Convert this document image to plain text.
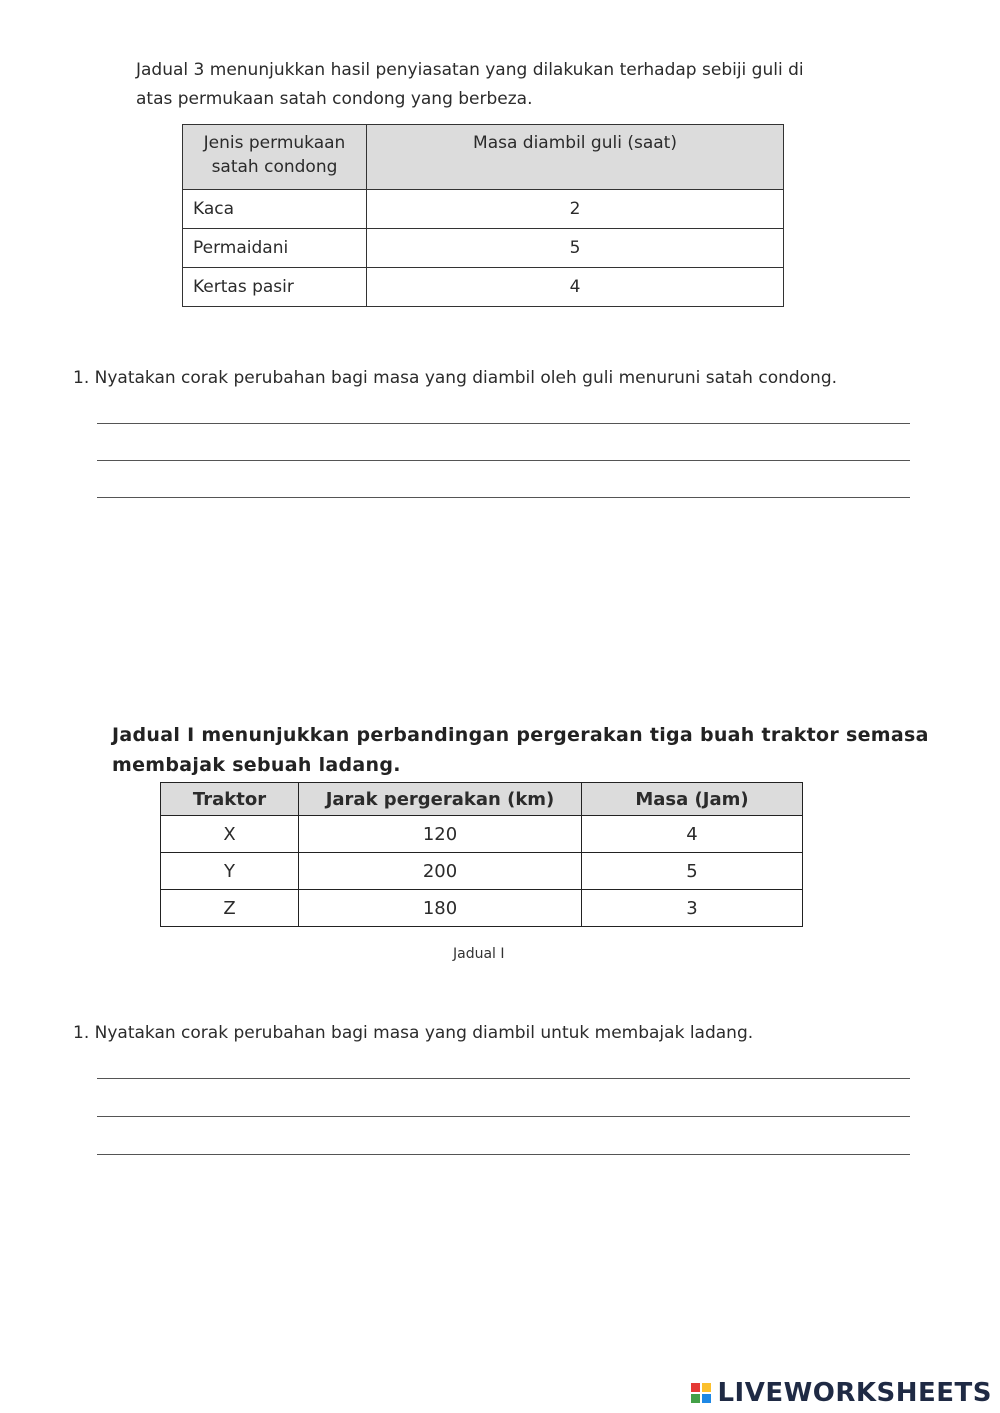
Jadual 3 menunjukkan hasil penyiasatan yang dilakukan terhadap sebiji guli di
atas permukaan satah condong yang berbeza.
Jenis permukaan satah condong	Masa diambil guli (saat)
Kaca	2
Permaidani	5
Kertas pasir	4
1. Nyatakan corak perubahan bagi masa yang diambil oleh guli menuruni satah condong.
Jadual I menunjukkan perbandingan pergerakan tiga buah traktor semasa
membajak sebuah ladang.
Traktor	Jarak pergerakan (km)	Masa (Jam)
X	120	4
Y	200	5
Z	180	3
Jadual I
1. Nyatakan corak perubahan bagi masa yang diambil untuk membajak ladang.
LIVEWORKSHEETS
